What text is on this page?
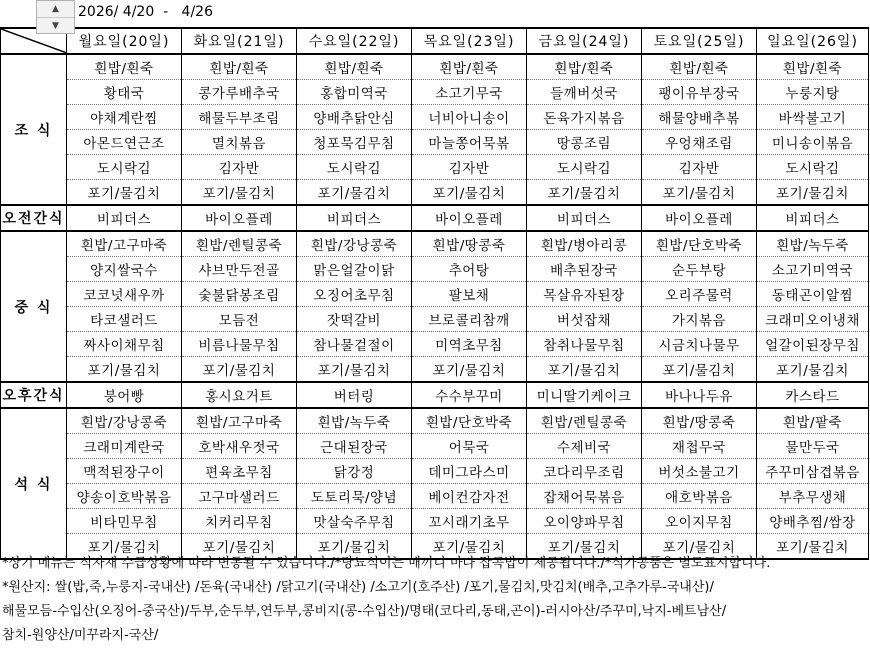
▲
▼
2026/ 4/20  -   4/26
	월요일(20일)	화요일(21일)	수요일(22일)	목요일(23일)	금요일(24일)	토요일(25일)	일요일(26일)
조 식	흰밥/흰죽	흰밥/흰죽	흰밥/흰죽	흰밥/흰죽	흰밥/흰죽	흰밥/흰죽	흰밥/흰죽
	황태국	콩가루배추국	홍합미역국	소고기무국	들깨버섯국	팽이유부장국	누룽지탕
	야채계란찜	해물두부조림	양배추닭안심	너비아니송이	돈육가지볶음	해물양배추볶	바싹불고기
	아몬드연근조	멸치볶음	청포묵김무침	마늘쫑어묵볶	땅콩조림	우엉채조림	미니송이볶음
	도시락김	김자반	도시락김	김자반	도시락김	김자반	도시락김
	포기/물김치	포기/물김치	포기/물김치	포기/물김치	포기/물김치	포기/물김치	포기/물김치
오전간식	비피더스	바이오플레	비피더스	바이오플레	비피더스	바이오플레	비피더스
중 식	흰밥/고구마죽	흰밥/렌틸콩죽	흰밥/강낭콩죽	흰밥/땅콩죽	흰밥/병아리콩	흰밥/단호박죽	흰밥/녹두죽
	양지쌀국수	샤브만두전골	맑은얼갈이닭	추어탕	배추된장국	순두부탕	소고기미역국
	코코넛새우까	숯불닭봉조림	오징어초무침	팔보채	목살유자된장	오리주물럭	동태곤이알찜
	타코샐러드	모듬전	잣떡갈비	브로콜리참깨	버섯잡채	가지볶음	크래미오이냉채
	짜사이채무침	비름나물무침	참나물겉절이	미역초무침	참취나물무침	시금치나물무	얼갈이된장무침
	포기/물김치	포기/물김치	포기/물김치	포기/물김치	포기/물김치	포기/물김치	포기/물김치
오후간식	붕어빵	홍시요거트	버터링	수수부꾸미	미니딸기케이크	바나나두유	카스타드
석 식	흰밥/강낭콩죽	흰밥/고구마죽	흰밥/녹두죽	흰밥/단호박죽	흰밥/렌틸콩죽	흰밥/땅콩죽	흰밥/팥죽
	크래미계란국	호박새우젓국	근대된장국	어묵국	수제비국	재첩무국	물만두국
	맥적된장구이	편육초무침	닭강정	데미그라스미	코다리무조림	버섯소불고기	주꾸미삼겹볶음
	양송이호박볶음	고구마샐러드	도토리묵/양념	베이컨감자전	잡채어묵볶음	애호박볶음	부추무생채
	비타민무침	치커리무침	맛살숙주무침	꼬시래기초무	오이양파무침	오이지무침	양배추찜/쌈장
	포기/물김치	포기/물김치	포기/물김치	포기/물김치	포기/물김치	포기/물김치	포기/물김치
*상기 메뉴는 식자재 수급상황에 따라 변동될 수 있습니다./*당뇨식이는 매끼니 마다 잡곡밥이 제공됩니다./*식가공품은 별도표시합니다.
*원산지: 쌀(밥,죽,누룽지-국내산) /돈육(국내산) /닭고기(국내산) /소고기(호주산) /포기,물김치,맛김치(배추,고추가루-국내산)/
해물모듬-수입산(오징어-중국산)/두부,순두부,연두부,콩비지(콩-수입산)/명태(코다리,동태,곤이)-러시아산/주꾸미,낙지-베트남산/
참치-원양산/미꾸라지-국산/
